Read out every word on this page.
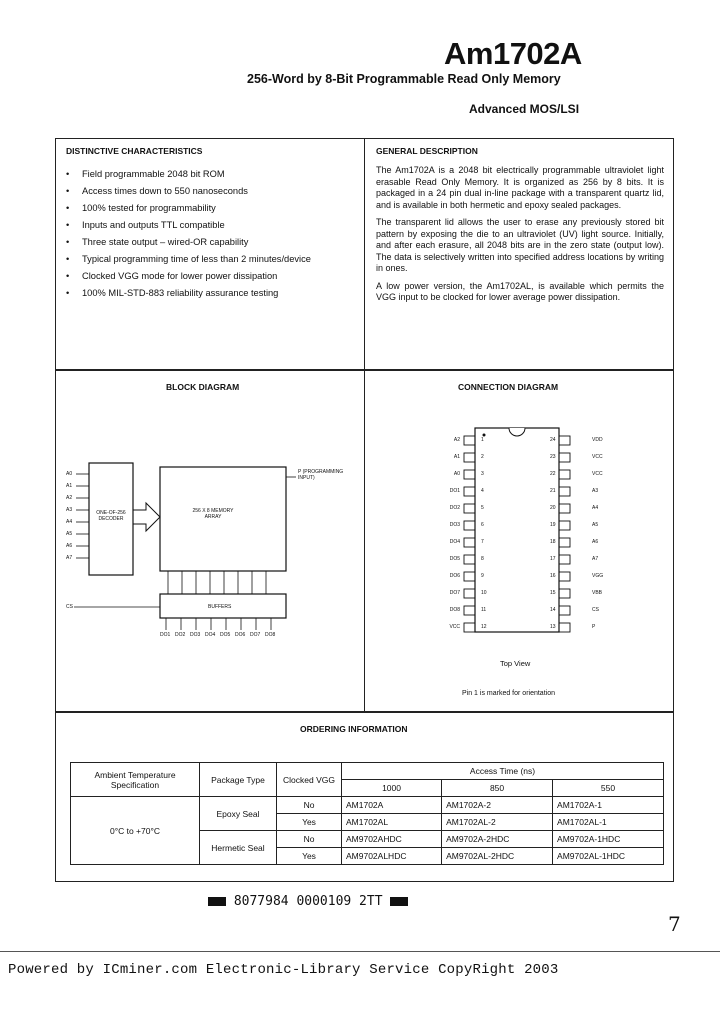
Am1702A
256-Word by 8-Bit Programmable Read Only Memory
Advanced MOS/LSI
DISTINCTIVE CHARACTERISTICS
• Field programmable 2048 bit ROM
• Access times down to 550 nanoseconds
• 100% tested for programmability
• Inputs and outputs TTL compatible
• Three state output – wired-OR capability
• Typical programming time of less than 2 minutes/device
• Clocked VGG mode for lower power dissipation
• 100% MIL-STD-883 reliability assurance testing
GENERAL DESCRIPTION

The Am1702A is a 2048 bit electrically programmable ultraviolet light erasable Read Only Memory. It is organized as 256 by 8 bits. It is packaged in a 24 pin dual in-line package with a transparent quartz lid, and is available in both hermetic and epoxy sealed packages.

The transparent lid allows the user to erase any previously stored bit pattern by exposing the die to an ultraviolet (UV) light source. Initially, and after each erasure, all 2048 bits are in the zero state (output low). The data is selectively written into specified address locations by writing in ones.

A low power version, the Am1702AL, is available which permits the VGG input to be clocked for lower average power dissipation.

BLOCK DIAGRAM	CONNECTION DIAGRAM
A0
A1
A2
A3
A4
A5
A6
A7
ONE-OF-256 DECODER
256 X 8 MEMORY ARRAY
P (PROGRAMMING INPUT)
CS	BUFFERS
DO1 DO2 DO3 DO4 DO5 DO6 DO7 DO8
A2	1
A1	2
A0	3
DO1	4
DO2	5
DO3	6
DO4	7
DO5	8
DO6	9
DO7	10
DO8	11
VCC	12
24	VDD
23	VCC
22	VCC
21	A3
20	A4
19	A5
18	A6
17	A7
16	VGG
15	VBB
14	CS
13	P
Top View
Pin 1 is marked for orientation
ORDERING INFORMATION
Ambient Temperature Specification	Package Type	Clocked VGG	Access Time (ns)		
			1000	850	550
0°C to +70°C	Epoxy Seal	No	AM1702A	AM1702A-2	AM1702A-1
		Yes	AM1702AL	AM1702AL-2	AM1702AL-1
	Hermetic Seal	No	AM9702AHDC	AM9702A-2HDC	AM9702A-1HDC
		Yes	AM9702ALHDC	AM9702AL-2HDC	AM9702AL-1HDC
8077984 0000109 2TT
7
Powered by ICminer.com Electronic-Library Service CopyRight 2003
